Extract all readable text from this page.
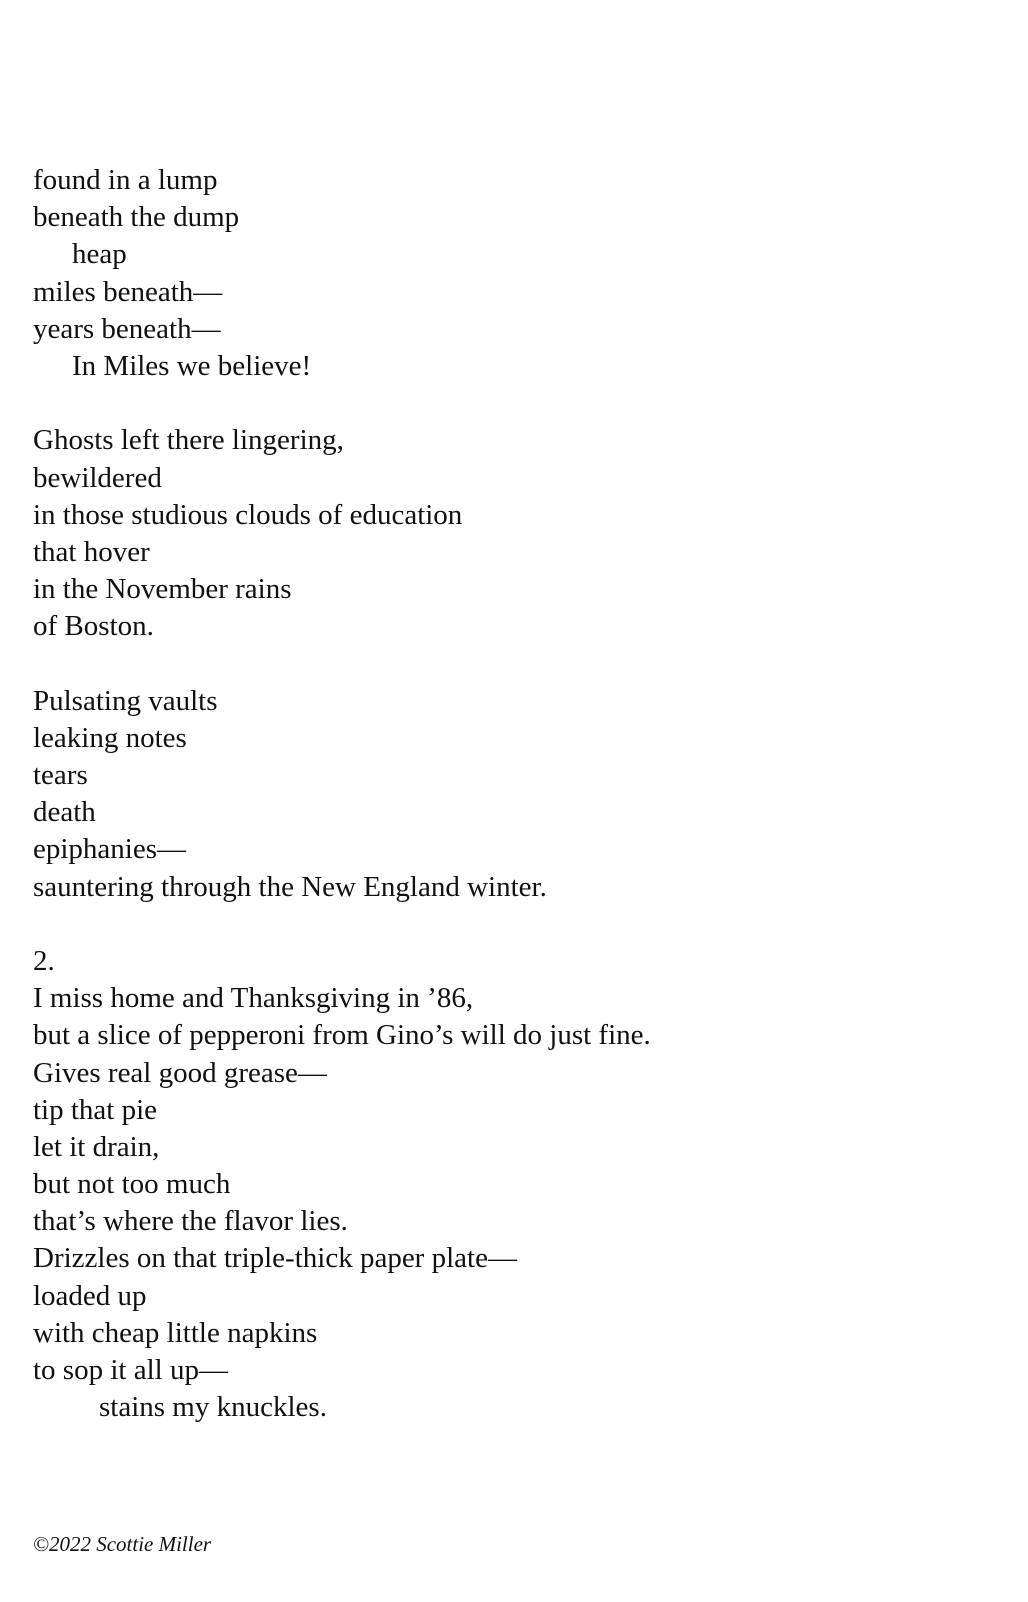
found in a lump
beneath the dump
heap
miles beneath—
years beneath—
In Miles we believe!
Ghosts left there lingering,
bewildered
in those studious clouds of education
that hover
in the November rains
of Boston.
Pulsating vaults
leaking notes
tears
death
epiphanies—
sauntering through the New England winter.
2.
I miss home and Thanksgiving in ’86,
but a slice of pepperoni from Gino’s will do just fine.
Gives real good grease—
tip that pie
let it drain,
but not too much
that’s where the flavor lies.
Drizzles on that triple-thick paper plate—
loaded up
with cheap little napkins
to sop it all up—
stains my knuckles.
©2022 Scottie Miller
